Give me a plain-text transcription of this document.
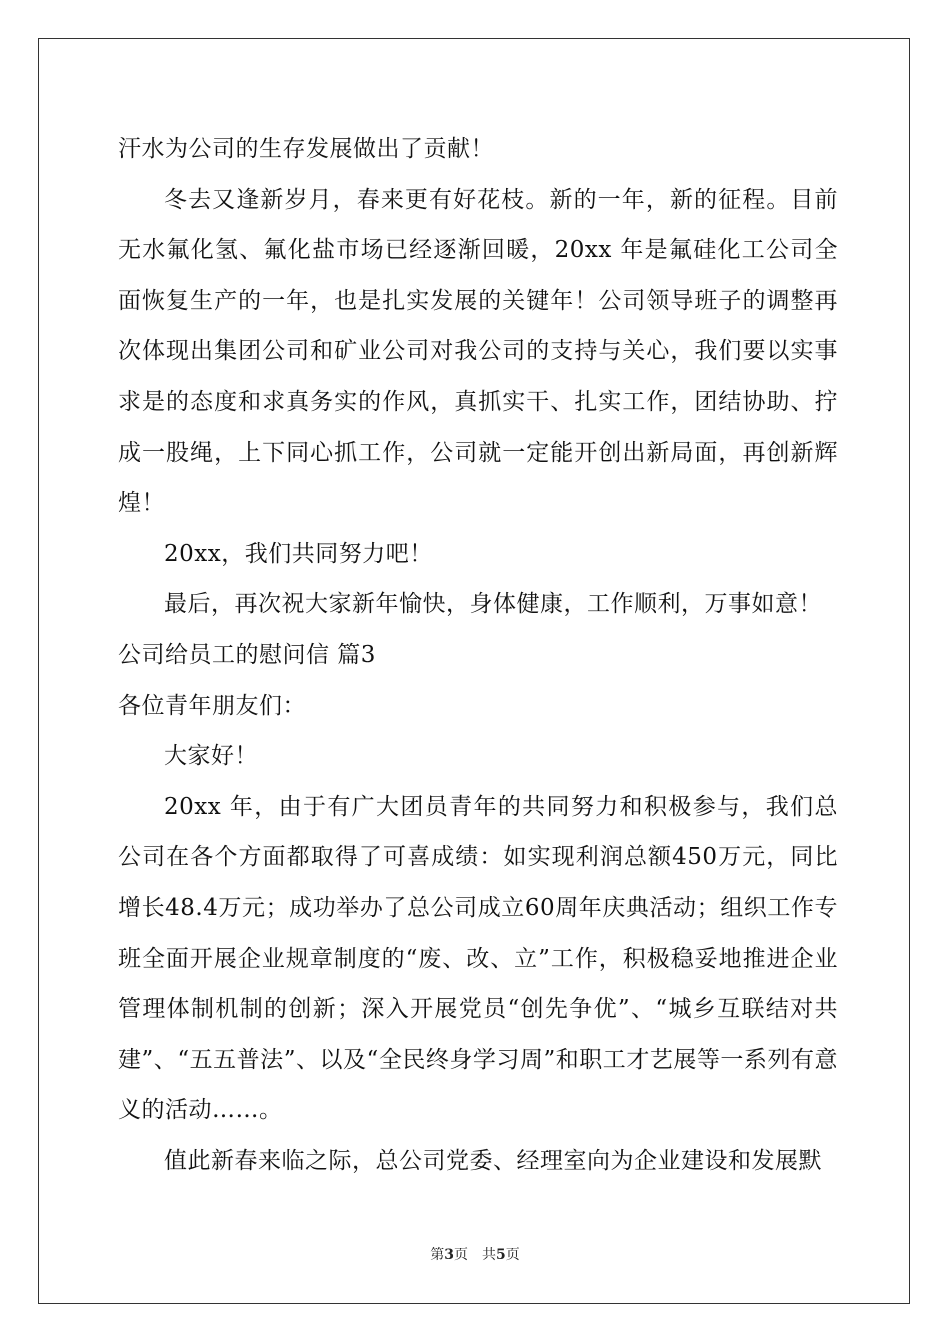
汗水为公司的生存发展做出了贡献！

冬去又逢新岁月，春来更有好花枝。新的一年，新的征程。目前无水氟化氢、氟化盐市场已经逐渐回暖，20xx 年是氟硅化工公司全面恢复生产的一年，也是扎实发展的关键年！公司领导班子的调整再次体现出集团公司和矿业公司对我公司的支持与关心，我们要以实事求是的态度和求真务实的作风，真抓实干、扎实工作，团结协助、拧成一股绳，上下同心抓工作，公司就一定能开创出新局面，再创新辉煌！

20xx，我们共同努力吧！

最后，再次祝大家新年愉快，身体健康，工作顺利，万事如意！

公司给员工的慰问信 篇3

各位青年朋友们：

大家好！

20xx 年，由于有广大团员青年的共同努力和积极参与，我们总公司在各个方面都取得了可喜成绩：如实现利润总额450万元，同比增长48.4万元；成功举办了总公司成立60周年庆典活动；组织工作专班全面开展企业规章制度的“废、改、立”工作，积极稳妥地推进企业管理体制机制的创新；深入开展党员“创先争优”、“城乡互联结对共建”、“五五普法”、以及“全民终身学习周”和职工才艺展等一系列有意义的活动……。

值此新春来临之际，总公司党委、经理室向为企业建设和发展默

第3页　共5页
